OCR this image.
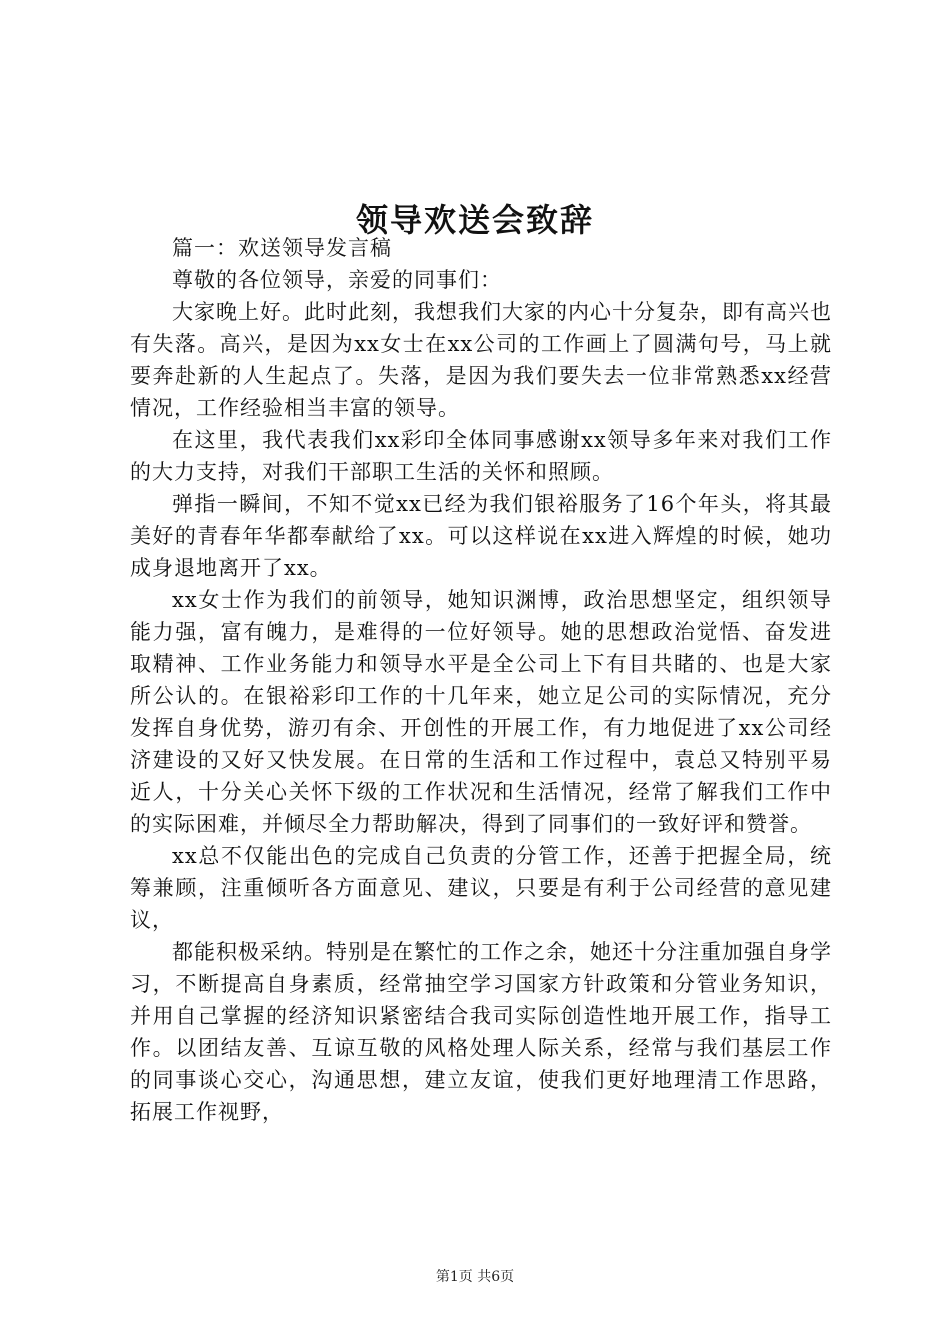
领导欢送会致辞

篇一：欢送领导发言稿

尊敬的各位领导，亲爱的同事们：

大家晚上好。此时此刻，我想我们大家的内心十分复杂，即有高兴也有失落。高兴，是因为xx女士在xx公司的工作画上了圆满句号，马上就要奔赴新的人生起点了。失落，是因为我们要失去一位非常熟悉xx经营情况，工作经验相当丰富的领导。

在这里，我代表我们xx彩印全体同事感谢xx领导多年来对我们工作的大力支持，对我们干部职工生活的关怀和照顾。

弹指一瞬间，不知不觉xx已经为我们银裕服务了16个年头，将其最美好的青春年华都奉献给了xx。可以这样说在xx进入辉煌的时候，她功成身退地离开了xx。

xx女士作为我们的前领导，她知识渊博，政治思想坚定，组织领导能力强，富有魄力，是难得的一位好领导。她的思想政治觉悟、奋发进取精神、工作业务能力和领导水平是全公司上下有目共睹的、也是大家所公认的。在银裕彩印工作的十几年来，她立足公司的实际情况，充分发挥自身优势，游刃有余、开创性的开展工作，有力地促进了xx公司经济建设的又好又快发展。在日常的生活和工作过程中，袁总又特别平易近人，十分关心关怀下级的工作状况和生活情况，经常了解我们工作中的实际困难，并倾尽全力帮助解决，得到了同事们的一致好评和赞誉。

xx总不仅能出色的完成自己负责的分管工作，还善于把握全局，统筹兼顾，注重倾听各方面意见、建议，只要是有利于公司经营的意见建议，

都能积极采纳。特别是在繁忙的工作之余，她还十分注重加强自身学习，不断提高自身素质，经常抽空学习国家方针政策和分管业务知识，并用自己掌握的经济知识紧密结合我司实际创造性地开展工作，指导工作。以团结友善、互谅互敬的风格处理人际关系，经常与我们基层工作的同事谈心交心，沟通思想，建立友谊，使我们更好地理清工作思路，拓展工作视野，

第1页 共6页
